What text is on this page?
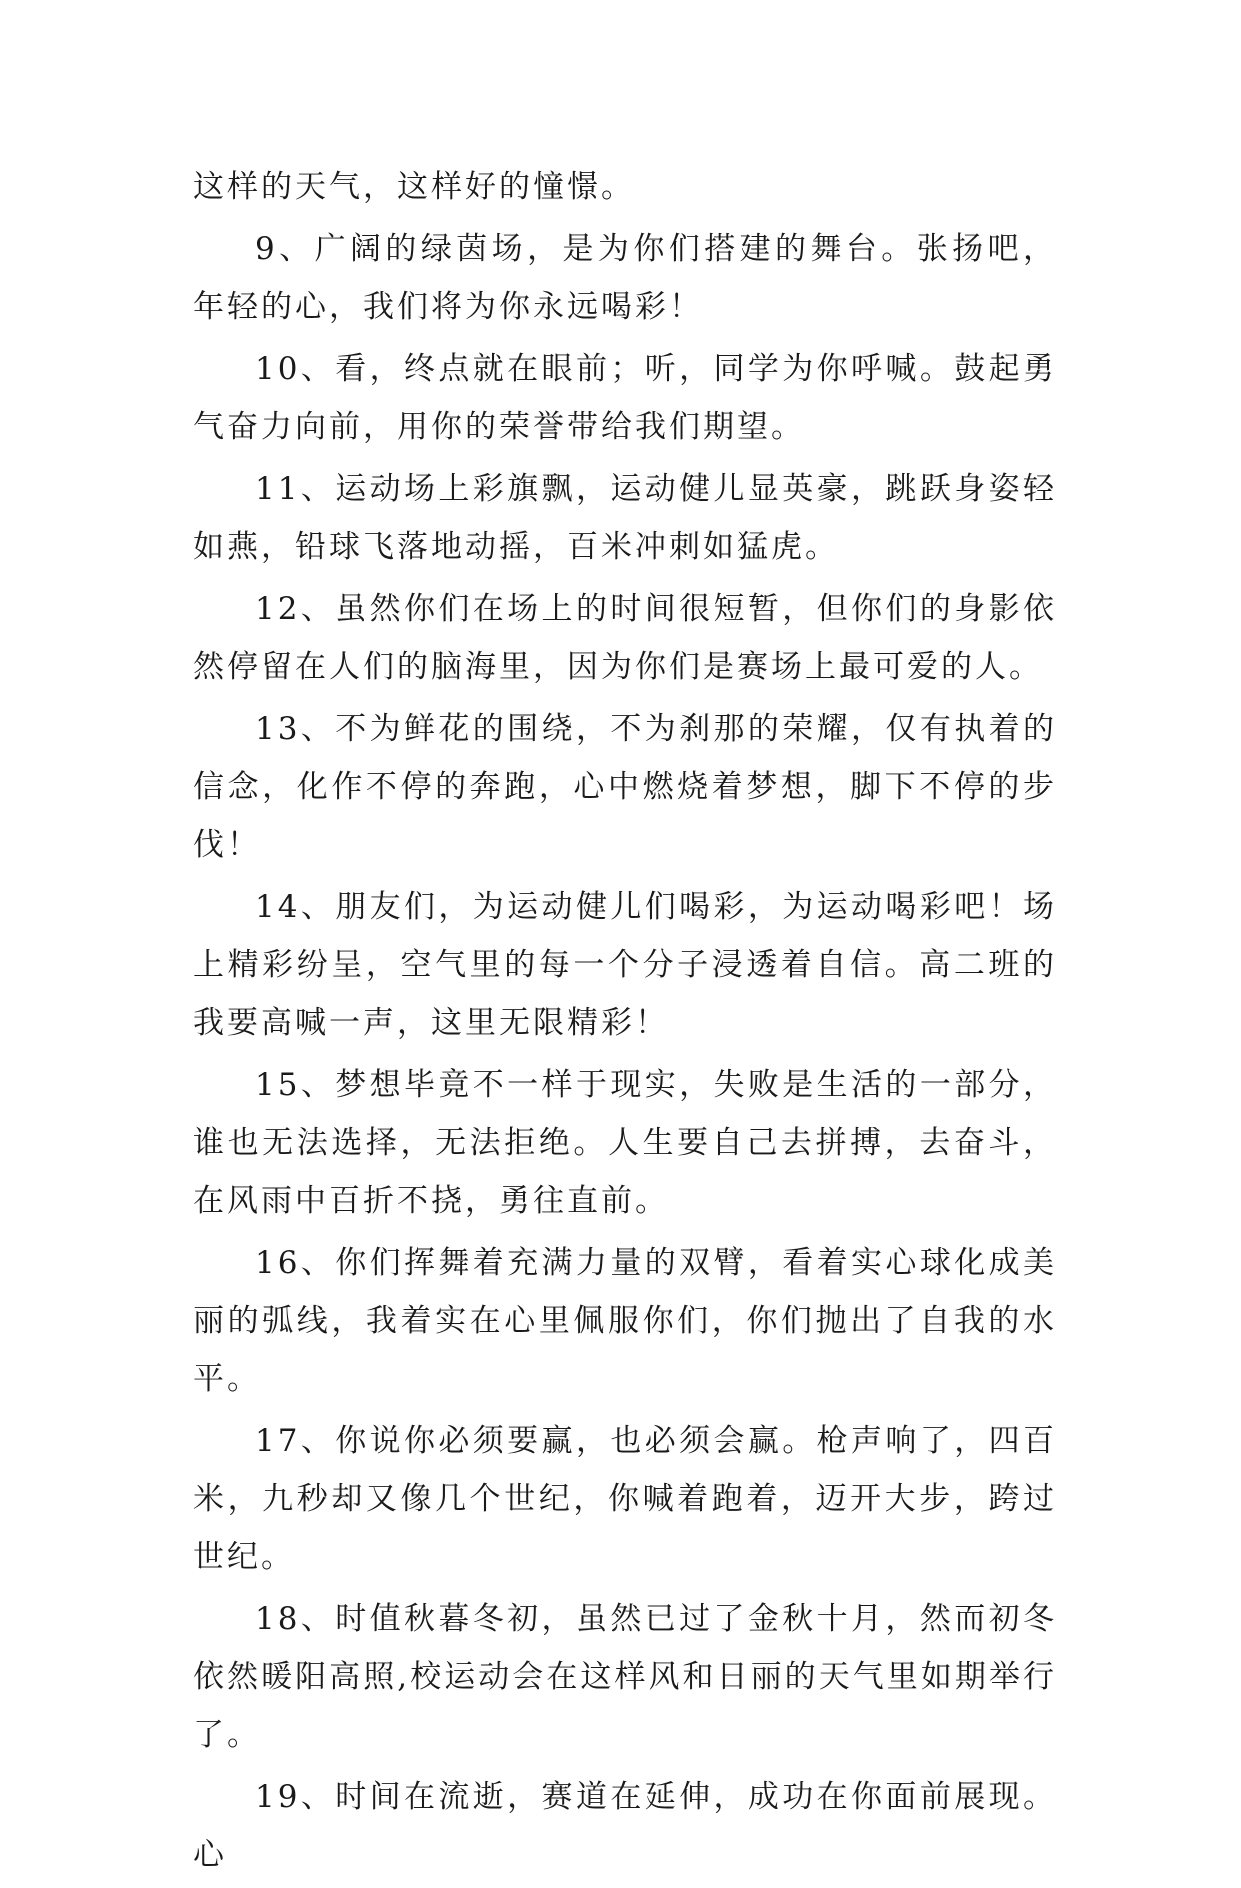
这样的天气，这样好的憧憬。

9、广阔的绿茵场，是为你们搭建的舞台。张扬吧，年轻的心，我们将为你永远喝彩！

10、看，终点就在眼前；听，同学为你呼喊。鼓起勇气奋力向前，用你的荣誉带给我们期望。

11、运动场上彩旗飘，运动健儿显英豪，跳跃身姿轻如燕，铅球飞落地动摇，百米冲刺如猛虎。

12、虽然你们在场上的时间很短暂，但你们的身影依然停留在人们的脑海里，因为你们是赛场上最可爱的人。

13、不为鲜花的围绕，不为刹那的荣耀，仅有执着的信念，化作不停的奔跑，心中燃烧着梦想，脚下不停的步伐！

14、朋友们，为运动健儿们喝彩，为运动喝彩吧！场上精彩纷呈，空气里的每一个分子浸透着自信。高二班的我要高喊一声，这里无限精彩！

15、梦想毕竟不一样于现实，失败是生活的一部分，谁也无法选择，无法拒绝。人生要自己去拼搏，去奋斗，在风雨中百折不挠，勇往直前。

16、你们挥舞着充满力量的双臂，看着实心球化成美丽的弧线，我着实在心里佩服你们，你们抛出了自我的水平。

17、你说你必须要赢，也必须会赢。枪声响了，四百米，九秒却又像几个世纪，你喊着跑着，迈开大步，跨过世纪。

18、时值秋暮冬初，虽然已过了金秋十月，然而初冬依然暖阳高照,校运动会在这样风和日丽的天气里如期举行了。

19、时间在流逝，赛道在延伸，成功在你面前展现。心
